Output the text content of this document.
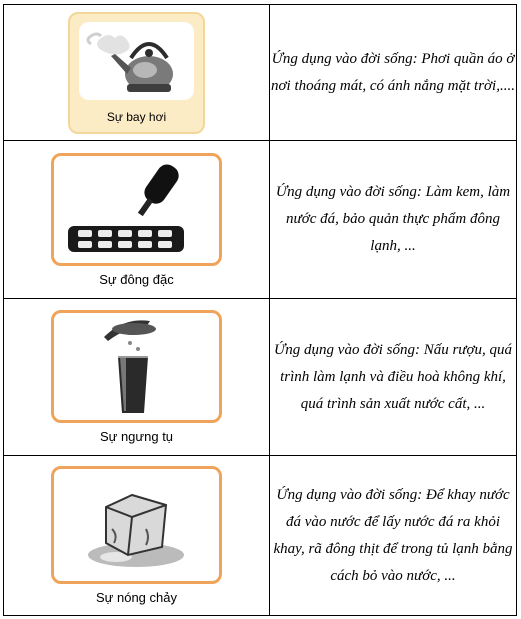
Sự bay hơi	Ứng dụng vào đời sống: Phơi quần áo ở nơi thoáng mát, có ánh nắng mặt trời,....

Sự đông đặc	Ứng dụng vào đời sống: Làm kem, làm nước đá, bảo quản thực phẩm đông lạnh, ...

Sự ngưng tụ	Ứng dụng vào đời sống: Nấu rượu, quá trình làm lạnh và điều hoà không khí, quá trình sản xuất nước cất, ...

Sự nóng chảy	Ứng dụng vào đời sống: Để khay nước đá vào nước để lấy nước đá ra khỏi khay, rã đông thịt để trong tủ lạnh bằng cách bỏ vào nước, ...
